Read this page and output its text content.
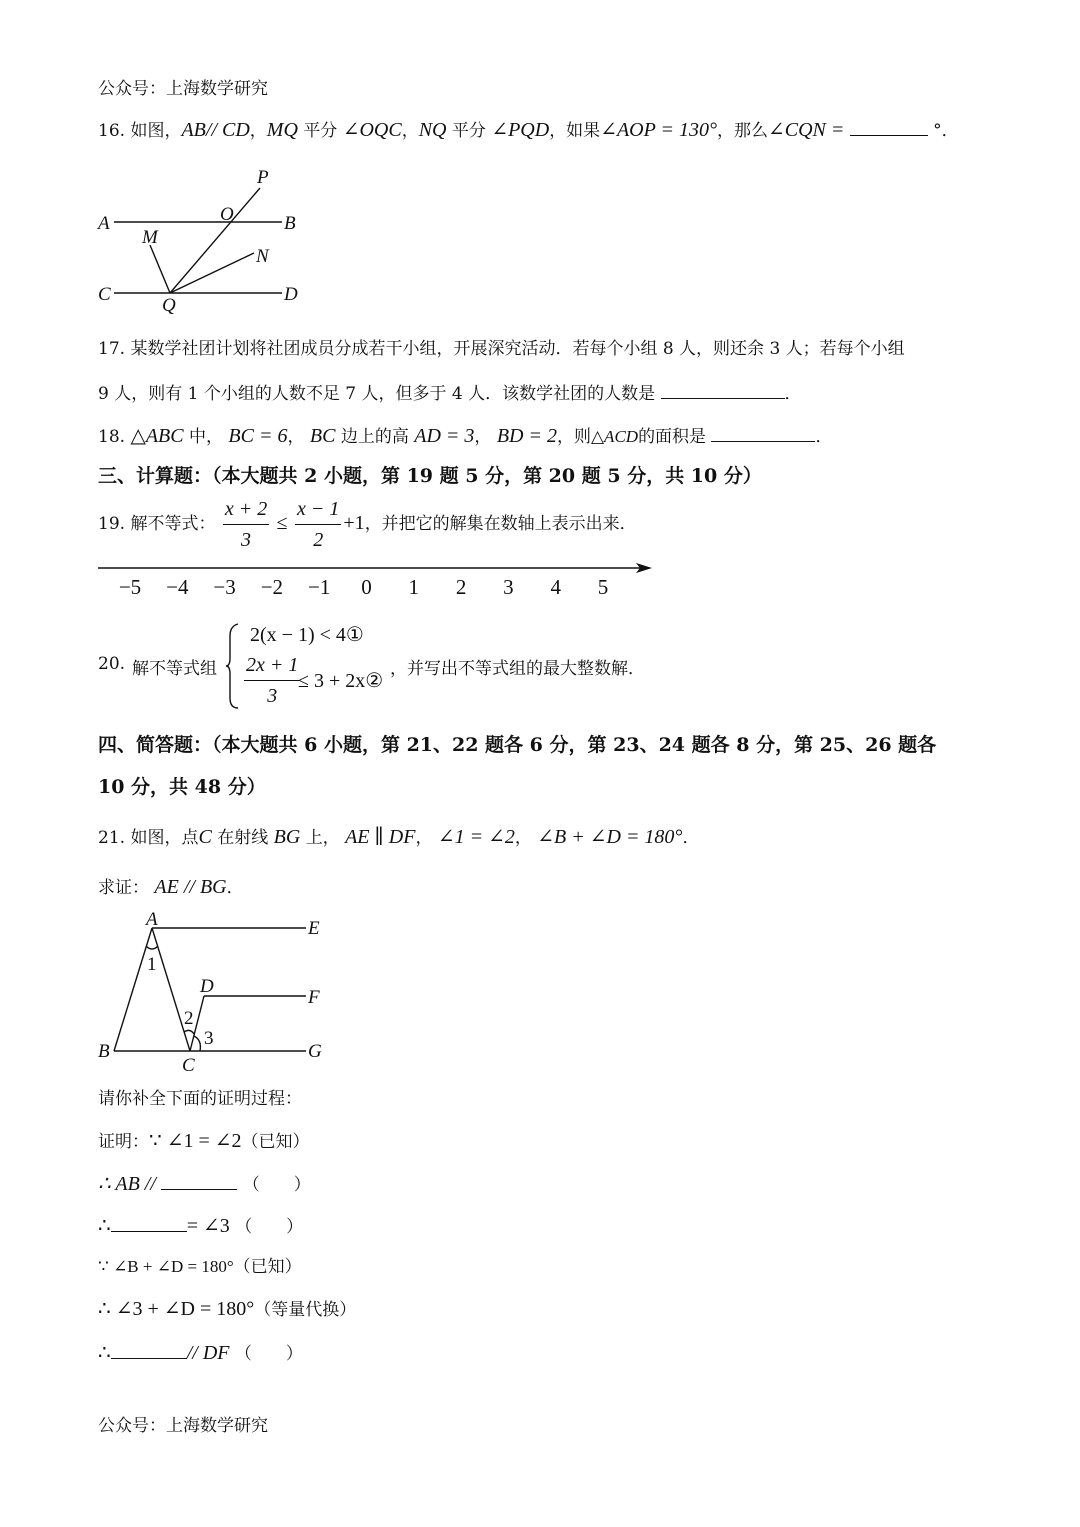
公众号：上海数学研究
16. 如图，AB// CD，MQ 平分 ∠OQC，NQ 平分 ∠PQD，如果∠AOP = 130°，那么∠CQN =	°．
P
O
A	B
M
N
C
Q
D
17. 某数学社团计划将社团成员分成若干小组，开展深究活动．若每个小组 8 人，则还余 3 人；若每个小组
9 人，则有 1 个小组的人数不足 7 人，但多于 4 人．该数学社团的人数是	．
18. △ABC 中， BC = 6， BC 边上的高 AD = 3， BD = 2，则△ACD的面积是	．
三、计算题：（本大题共 2 小题，第 19 题 5 分，第 20 题 5 分，共 10 分）
19. 解不等式： $\frac{x + 2}{3} \le \frac{x - 1}{2} +1$，并把它的解集在数轴上表示出来．
−5 −4 −3 −2 −1 0 1 2 3 4 5
20. 解不等式组
2(x − 1) < 4①
$\frac{2x + 1}{3}$
≤ 3 + 2x②
，并写出不等式组的最大整数解．
四、简答题：（本大题共 6 小题，第 21、22 题各 6 分，第 23、24 题各 8 分，第 25、26 题各
10 分，共 48 分）
21. 如图，点C 在射线 BG 上， AE ∥ DF， ∠1 = ∠2， ∠B + ∠D = 180°．
求证： AE // BG．
A	E
D
F
B
C
G
1
2
3
请你补全下面的证明过程：
证明：∵ ∠1 = ∠2（已知）
∴ AB //	（　　）
∴	= ∠3 （　　）
∵ ∠B + ∠D = 180°（已知）
∴ ∠3 + ∠D = 180°（等量代换）
∴	// DF （　　）
公众号：上海数学研究
